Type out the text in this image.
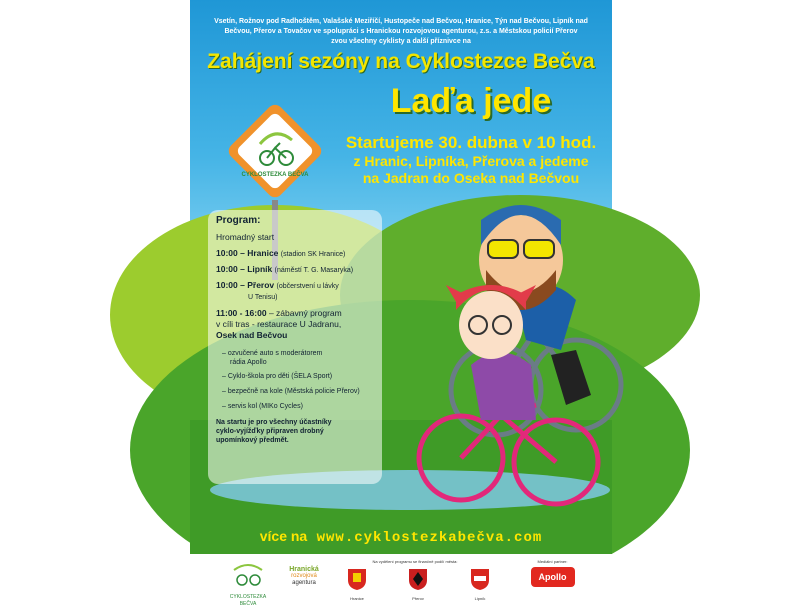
Vsetín, Rožnov pod Radhoštěm, Valašské Meziříčí, Hustopeče nad Bečvou, Hranice, Týn nad Bečvou, Lipník nad
Bečvou, Přerov a Tovačov ve spolupráci s Hranickou rozvojovou agenturou, z.s. a Městskou policií Přerov
zvou všechny cyklisty a další příznivce na

Zahájení sezóny na Cyklostezce Bečva
Laďa jede

Startujeme 30. dubna v 10 hod.
z Hranic, Lipníka, Přerova a jedeme
na Jadran do Oseka nad Bečvou

CYKLOSTEZKA BEČVA

Program:

Hromadný start

10:00 – Hranice (stadion SK Hranice)

10:00 – Lipník (náměstí T. G. Masaryka)

10:00 – Přerov (občerstvení u lávky

U Tenisu)

11:00 - 16:00 – zábavný program

v cíli tras - restaurace U Jadranu,

Osek nad Bečvou

– ozvučené auto s moderátorem

rádia Apollo

– Cyklo-škola pro děti (ŠELA Sport)

– bezpečně na kole (Městská policie Přerov)

– servis kol (MIKo Cycles)

Na startu je pro všechny účastníky
cyklo-vyjížďky připraven drobný
upomínkový předmět.

více na www.cyklostezkabečva.com

CYKLOSTEZKA BEČVA
Hranická
rozvojová
agentura
Na vydělení programu se finančně podílí města:
Hranice	Přerov	Lipník
Mediální partner:
Apollo
